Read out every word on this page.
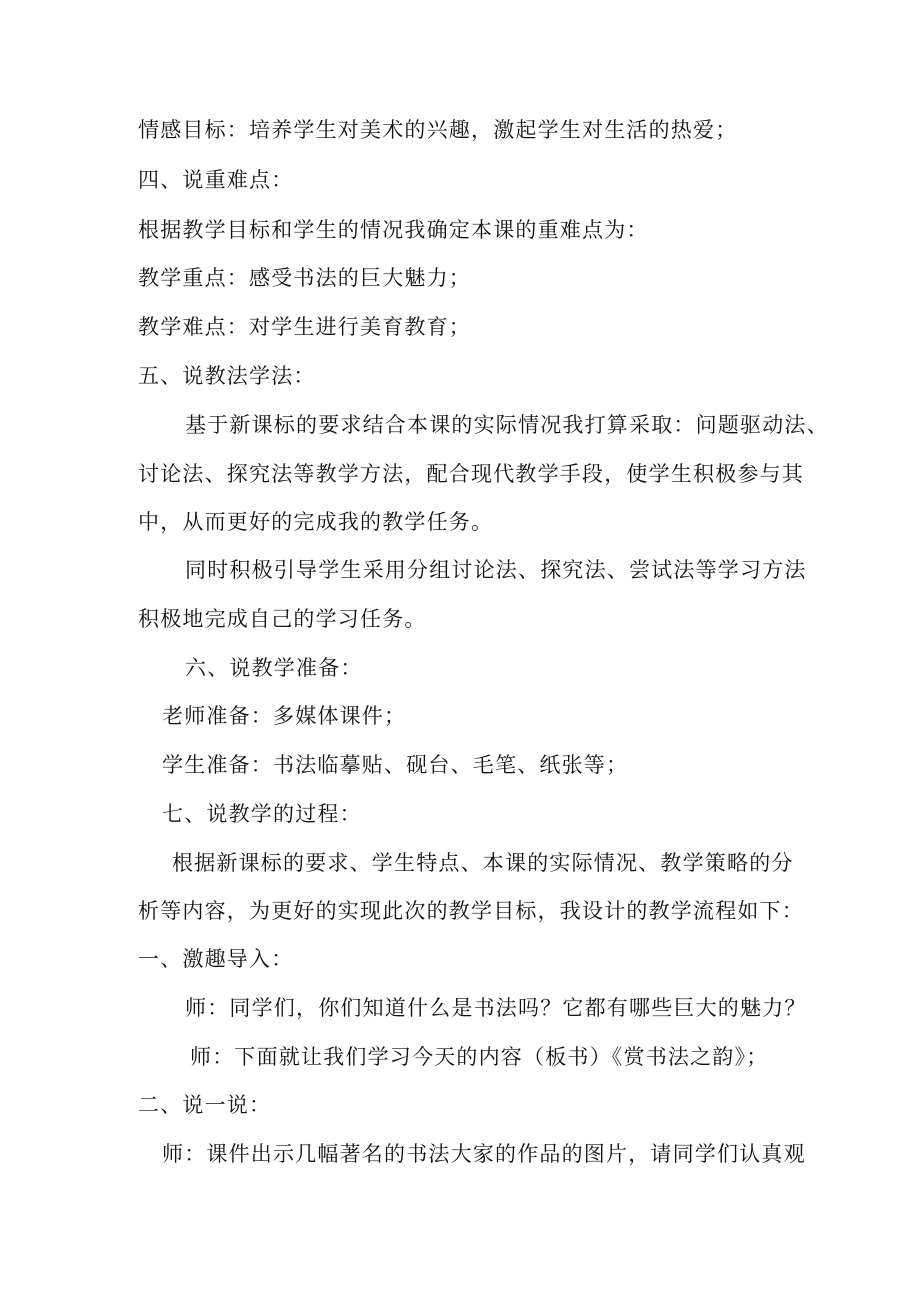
情感目标：培养学生对美术的兴趣，激起学生对生活的热爱；
四、说重难点：
根据教学目标和学生的情况我确定本课的重难点为：
教学重点：感受书法的巨大魅力；
教学难点：对学生进行美育教育；
五、说教法学法：
基于新课标的要求结合本课的实际情况我打算采取：问题驱动法、
讨论法、探究法等教学方法，配合现代教学手段，使学生积极参与其
中，从而更好的完成我的教学任务。
同时积极引导学生采用分组讨论法、探究法、尝试法等学习方法
积极地完成自己的学习任务。
六、说教学准备：
老师准备：多媒体课件；
学生准备：书法临摹贴、砚台、毛笔、纸张等；
七、说教学的过程：
根据新课标的要求、学生特点、本课的实际情况、教学策略的分
析等内容，为更好的实现此次的教学目标，我设计的教学流程如下：
一、激趣导入：
师：同学们，你们知道什么是书法吗？它都有哪些巨大的魅力？
师：下面就让我们学习今天的内容（板书）《赏书法之韵》；
二、说一说：
师：课件出示几幅著名的书法大家的作品的图片，请同学们认真观
